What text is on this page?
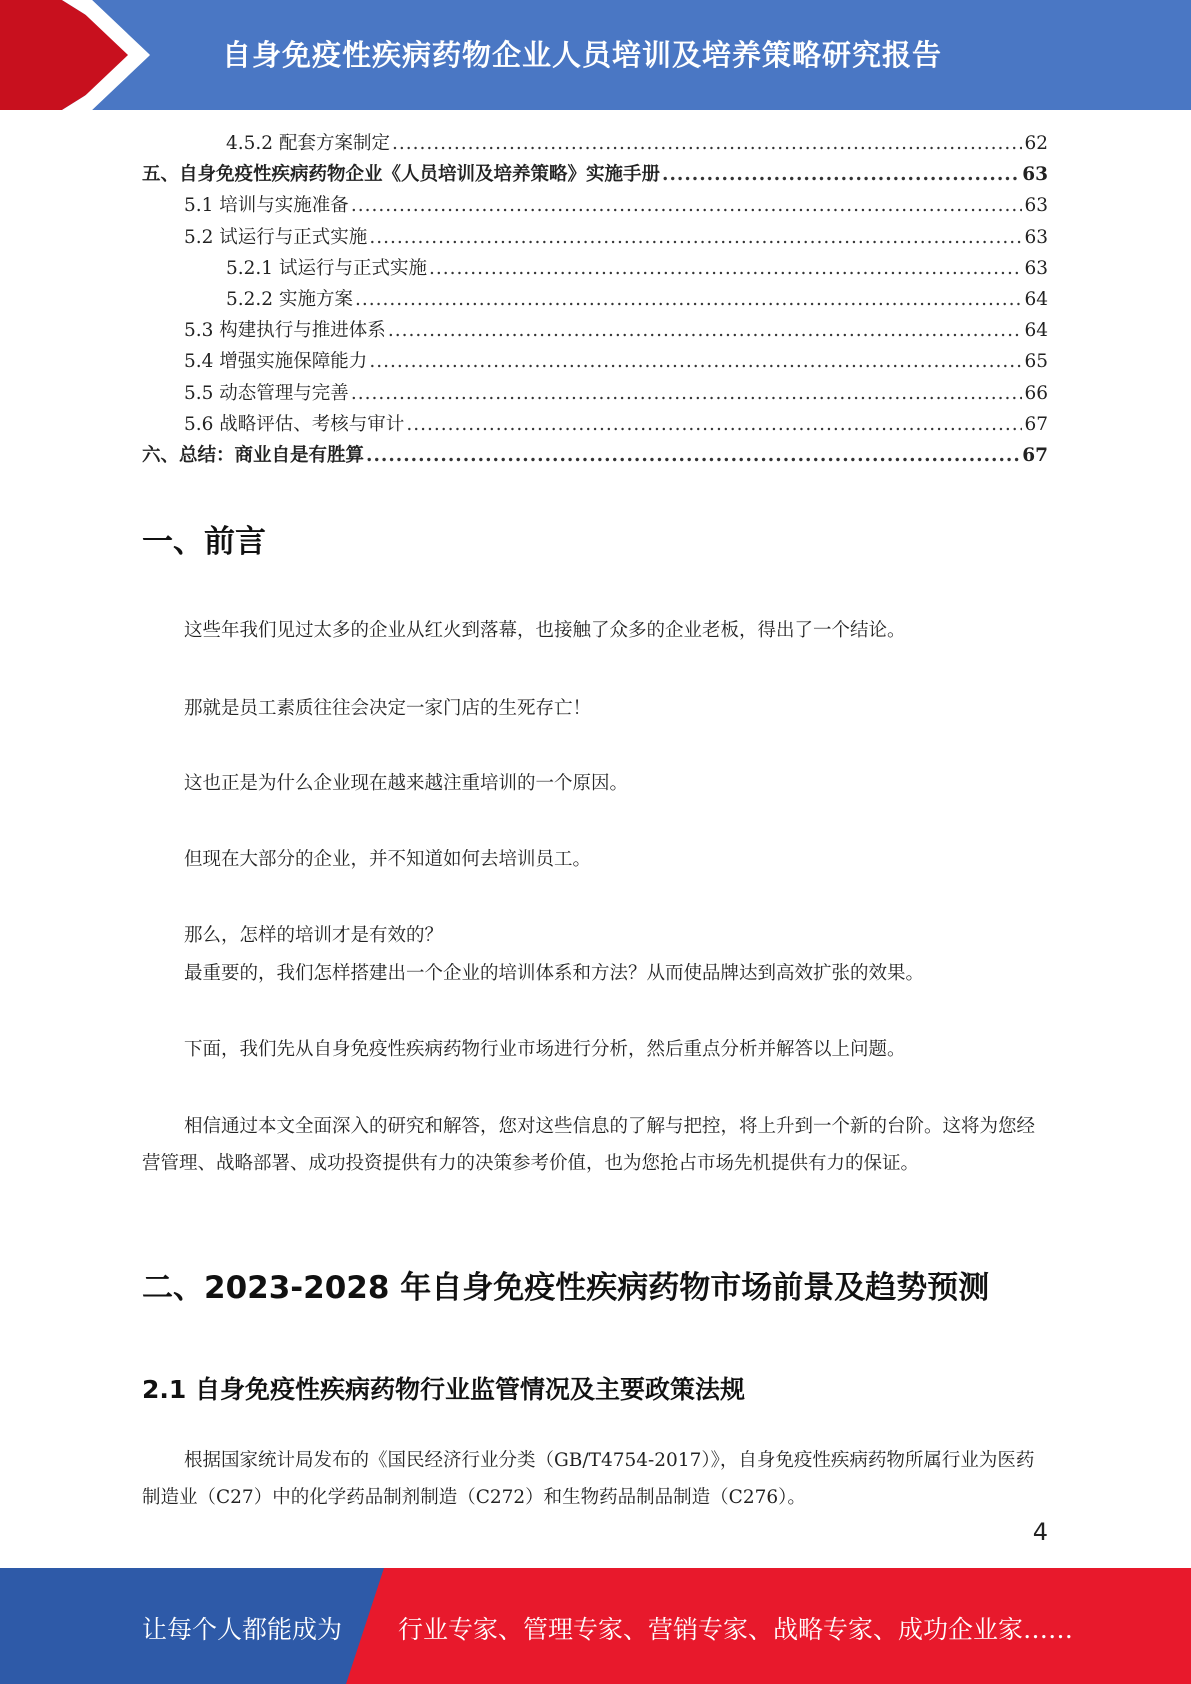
自身免疫性疾病药物企业人员培训及培养策略研究报告
4.5.2 配套方案制定 .....	62
五、自身免疫性疾病药物企业《人员培训及培养策略》实施手册 .....	63
5.1 培训与实施准备 .....	63
5.2 试运行与正式实施 .....	63
5.2.1 试运行与正式实施 .....	63
5.2.2 实施方案 .....	64
5.3 构建执行与推进体系 .....	64
5.4 增强实施保障能力 .....	65
5.5 动态管理与完善 .....	66
5.6 战略评估、考核与审计 .....	67
六、总结：商业自是有胜算 .....	67
一、前言
这些年我们见过太多的企业从红火到落幕，也接触了众多的企业老板，得出了一个结论。
那就是员工素质往往会决定一家门店的生死存亡！
这也正是为什么企业现在越来越注重培训的一个原因。
但现在大部分的企业，并不知道如何去培训员工。
那么，怎样的培训才是有效的？
最重要的，我们怎样搭建出一个企业的培训体系和方法？从而使品牌达到高效扩张的效果。
下面，我们先从自身免疫性疾病药物行业市场进行分析，然后重点分析并解答以上问题。
相信通过本文全面深入的研究和解答，您对这些信息的了解与把控，将上升到一个新的台阶。这将为您经营管理、战略部署、成功投资提供有力的决策参考价值，也为您抢占市场先机提供有力的保证。
二、2023-2028 年自身免疫性疾病药物市场前景及趋势预测
2.1 自身免疫性疾病药物行业监管情况及主要政策法规
根据国家统计局发布的《国民经济行业分类（GB/T4754-2017）》，自身免疫性疾病药物所属行业为医药制造业（C27）中的化学药品制剂制造（C272）和生物药品制品制造（C276）。
4
让每个人都能成为 行业专家、管理专家、营销专家、战略专家、成功企业家……
